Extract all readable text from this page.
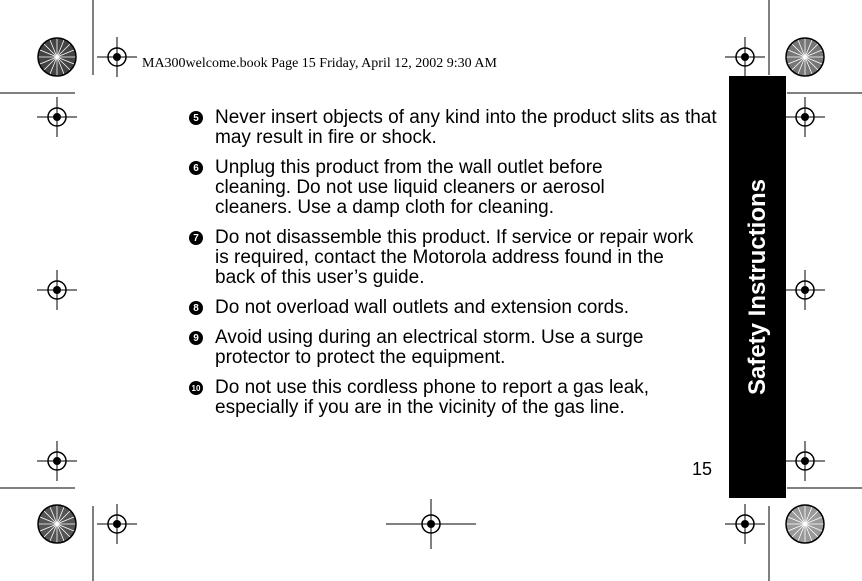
MA300welcome.book Page 15 Friday, April 12, 2002 9:30 AM
5 Never insert objects of any kind into the product slits as that may result in fire or shock.
6 Unplug this product from the wall outlet before cleaning. Do not use liquid cleaners or aerosol cleaners. Use a damp cloth for cleaning.
7 Do not disassemble this product. If service or repair work is required, contact the Motorola address found in the back of this user’s guide.
8 Do not overload wall outlets and extension cords.
9 Avoid using during an electrical storm. Use a surge protector to protect the equipment.
10 Do not use this cordless phone to report a gas leak, especially if you are in the vicinity of the gas line.
Safety Instructions
15
